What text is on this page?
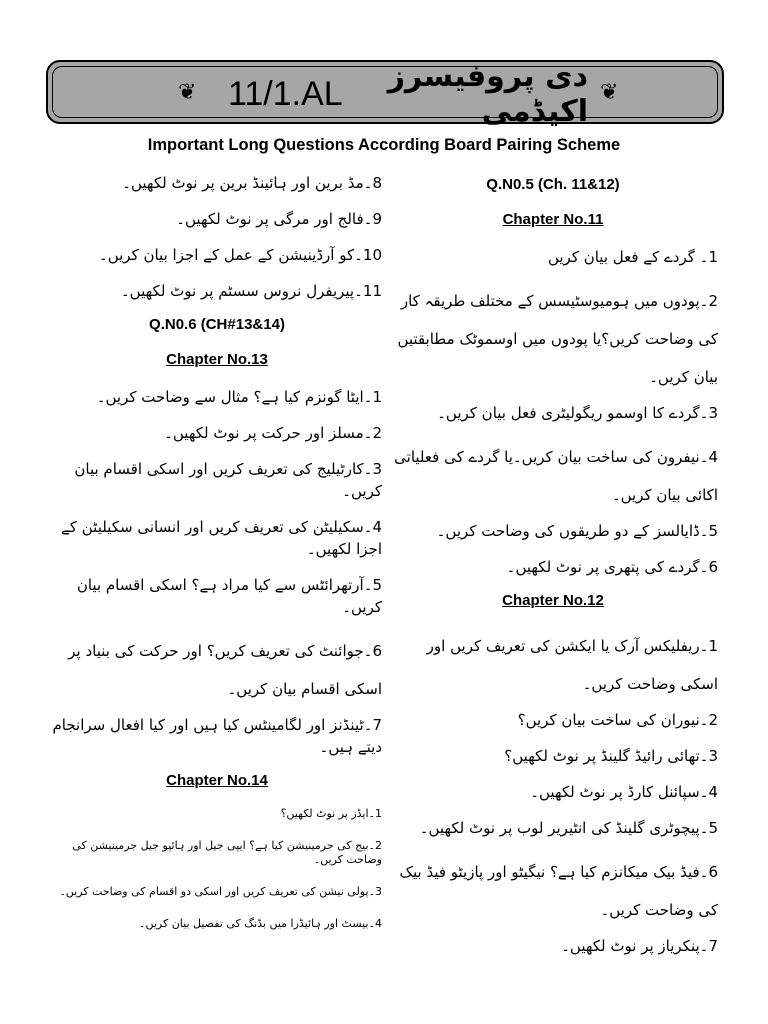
❦ 11/1.AL	دی پروفیسرز اکیڈمی
❦
Important Long Questions According Board Pairing Scheme
Q.N0.5 (Ch. 11&12)
Chapter No.11
1۔ گردے کے فعل بیان کریں
2۔پودوں میں ہومیوسٹیسس کے مختلف طریقہ کار کی وضاحت کریں؟یا پودوں میں اوسموٹک مطابقتیں بیان کریں۔
3۔گردے کا اوسمو ریگولیٹری فعل بیان کریں۔
4۔نیفرون کی ساخت بیان کریں۔یا گردے کی فعلیاتی اکائی بیان کریں۔
5۔ڈایالسز کے دو طریقوں کی وضاحت کریں۔
6۔گردے کی پتھری پر نوٹ لکھیں۔
Chapter No.12
1۔ریفلیکس آرک یا ایکشن کی تعریف کریں اور اسکی وضاحت کریں۔
2۔نیوران کی ساخت بیان کریں؟
3۔تھائی رائیڈ گلینڈ پر نوٹ لکھیں؟
4۔سپائنل کارڈ پر نوٹ لکھیں۔
5۔پیچوٹری گلینڈ کی انٹیریر لوب پر نوٹ لکھیں۔
6۔فیڈ بیک میکانزم کیا ہے؟ نیگیٹو اور پازیٹو فیڈ بیک کی وضاحت کریں۔
7۔پنکریاز پر نوٹ لکھیں۔
8۔مڈ برین اور ہائینڈ برین پر نوٹ لکھیں۔
9۔فالج اور مرگی پر نوٹ لکھیں۔
10۔کو آرڈینیشن کے عمل کے اجزا بیان کریں۔
11۔پیریفرل نروس سسٹم پر نوٹ لکھیں۔
Q.N0.6 (CH#13&14)
Chapter No.13
1۔ایٹا گونزم کیا ہے؟ مثال سے وضاحت کریں۔
2۔مسلز اور حرکت پر نوٹ لکھیں۔
3۔کارٹیلیج کی تعریف کریں اور اسکی اقسام بیان کریں۔
4۔سکیلیٹن کی تعریف کریں اور انسانی سکیلیٹن کے اجزا لکھیں۔
5۔آرتھرائٹس سے کیا مراد ہے؟ اسکی اقسام بیان کریں۔
6۔جوائنٹ کی تعریف کریں؟ اور حرکت کی بنیاد پر اسکی اقسام بیان کریں۔
7۔ٹینڈنز اور لگامینٹس کیا ہیں اور کیا افعال سرانجام دیتے ہیں۔
Chapter No.14
1۔ایڈز پر نوٹ لکھیں؟
2۔بیج کی جرمینیشن کیا ہے؟ ایپی جیل اور ہائپو جیل جرمینیشن کی وضاحت کریں۔
3۔پولی نیشن کی تعریف کریں اور اسکی دو اقسام کی وضاحت کریں۔
4۔بیسٹ اور ہائیڈرا میں بڈنگ کی تفصیل بیان کریں۔
